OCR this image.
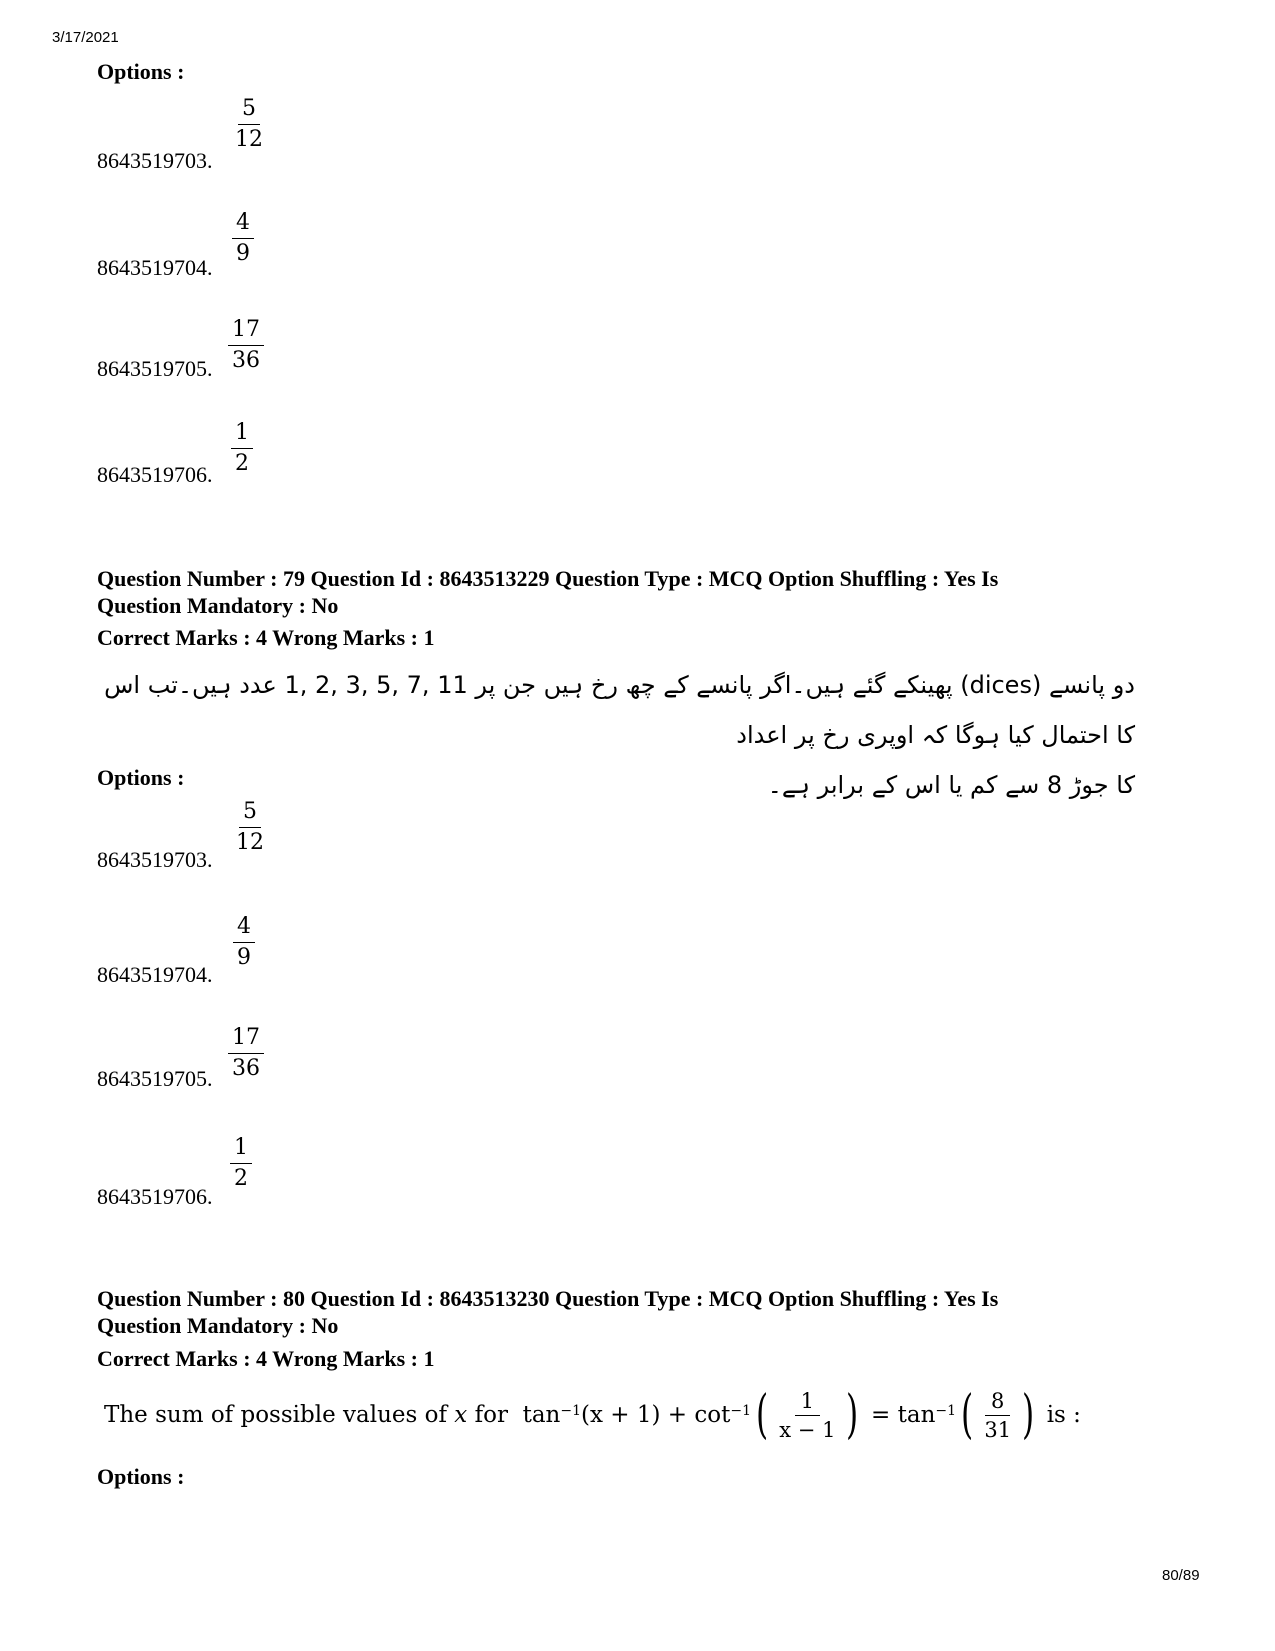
3/17/2021
Options :
8643519703.
$\frac{5}{12}$
8643519704. $\frac{4}{9}$
8643519705. $\frac{17}{36}$
8643519706. $\frac{1}{2}$
Question Number : 79 Question Id : 8643513229 Question Type : MCQ Option Shuffling : Yes Is
Question Mandatory : No
Correct Marks : 4 Wrong Marks : 1
دو پانسے (dices) پھینکے گئے ہیں۔اگر پانسے کے چھ رخ ہیں جن پر 11 ,7 ,5 ,3 ,2 ,1 عدد ہیں۔تب اس کا احتمال کیا ہوگا کہ اوپری رخ پر اعداد
کا جوڑ 8 سے کم یا اس کے برابر ہے۔
Options :
8643519703.
$\frac{5}{12}$
8643519704.
$\frac{4}{9}$
8643519705. $\frac{17}{36}$
8643519706.
$\frac{1}{2}$
Question Number : 80 Question Id : 8643513230 Question Type : MCQ Option Shuffling : Yes Is
Question Mandatory : No
Correct Marks : 4 Wrong Marks : 1
The sum of possible values of
x
for
$\tan^{-1} (x + 1)$
+
$\cot^{-1}$ ( $\frac{1}{x - 1}$ )
=
$\tan^{-1}$ ( $\frac{8}{31}$ )
is :
Options :
80/89
